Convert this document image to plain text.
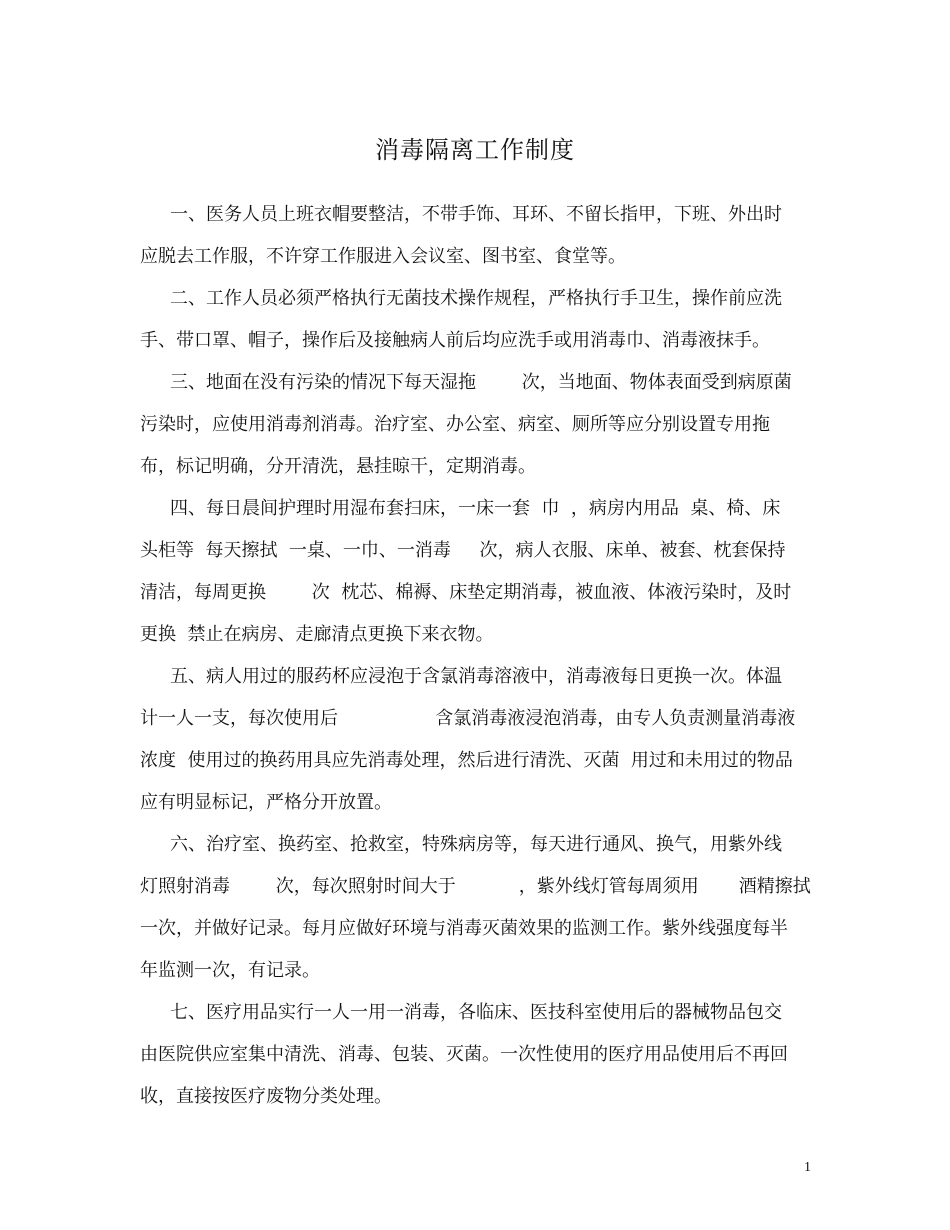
消毒隔离工作制度

一、医务人员上班衣帽要整洁，不带手饰、耳环、不留长指甲，下班、外出时

应脱去工作服，不许穿工作服进入会议室、图书室、食堂等。

二、工作人员必须严格执行无菌技术操作规程，严格执行手卫生，操作前应洗

手、带口罩、帽子，操作后及接触病人前后均应洗手或用消毒巾、消毒液抹手。

三、地面在没有污染的情况下每天湿拖        次，当地面、物体表面受到病原菌

污染时，应使用消毒剂消毒。治疗室、办公室、病室、厕所等应分别设置专用拖

布，标记明确，分开清洗，悬挂晾干，定期消毒。

四、每日晨间护理时用湿布套扫床，一床一套  巾  ，病房内用品  桌、椅、床

头柜等  每天擦拭  一桌、一巾、一消毒     次，病人衣服、床单、被套、枕套保持

清洁，每周更换        次  枕芯、棉褥、床垫定期消毒，被血液、体液污染时，及时

更换  禁止在病房、走廊清点更换下来衣物。

五、病人用过的服药杯应浸泡于含氯消毒溶液中，消毒液每日更换一次。体温

计一人一支，每次使用后                 含氯消毒液浸泡消毒，由专人负责测量消毒液

浓度  使用过的换药用具应先消毒处理，然后进行清洗、灭菌  用过和未用过的物品

应有明显标记，严格分开放置。

六、治疗室、换药室、抢救室，特殊病房等，每天进行通风、换气，用紫外线

灯照射消毒        次，每次照射时间大于           ，紫外线灯管每周须用       酒精擦拭

一次，并做好记录。每月应做好环境与消毒灭菌效果的监测工作。紫外线强度每半

年监测一次，有记录。

七、医疗用品实行一人一用一消毒，各临床、医技科室使用后的器械物品包交

由医院供应室集中清洗、消毒、包装、灭菌。一次性使用的医疗用品使用后不再回

收，直接按医疗废物分类处理。

1
